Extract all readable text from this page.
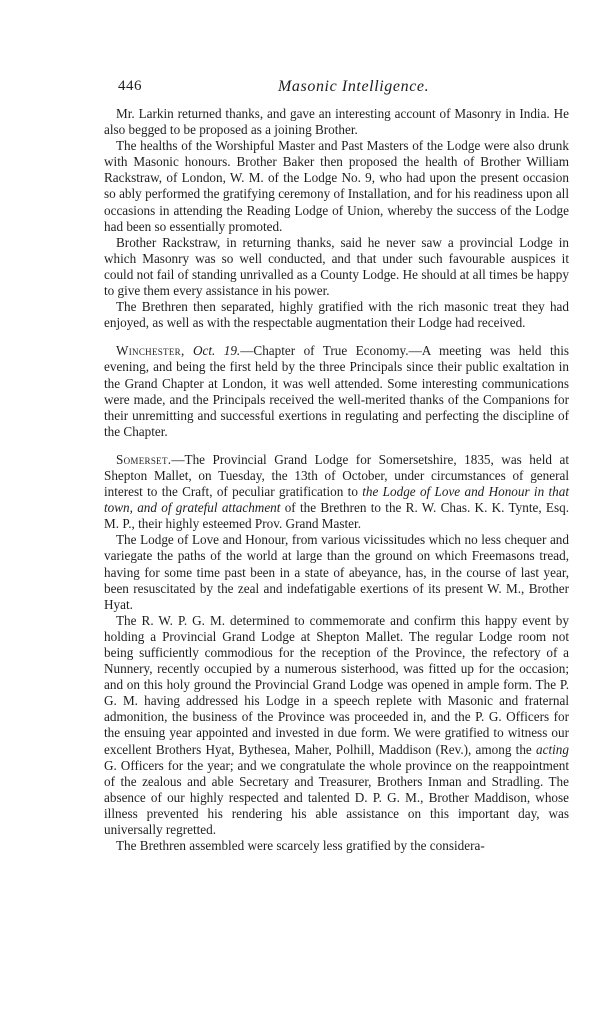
446	Masonic Intelligence.

Mr. Larkin returned thanks, and gave an interesting account of Masonry in India. He also begged to be proposed as a joining Brother.

The healths of the Worshipful Master and Past Masters of the Lodge were also drunk with Masonic honours. Brother Baker then proposed the health of Brother William Rackstraw, of London, W. M. of the Lodge No. 9, who had upon the present occasion so ably performed the gratifying ceremony of Installation, and for his readiness upon all occasions in attending the Reading Lodge of Union, whereby the success of the Lodge had been so essentially promoted.

Brother Rackstraw, in returning thanks, said he never saw a provincial Lodge in which Masonry was so well conducted, and that under such favourable auspices it could not fail of standing unrivalled as a County Lodge. He should at all times be happy to give them every assistance in his power.

The Brethren then separated, highly gratified with the rich masonic treat they had enjoyed, as well as with the respectable augmentation their Lodge had received.

Winchester, Oct. 19.—Chapter of True Economy.—A meeting was held this evening, and being the first held by the three Principals since their public exaltation in the Grand Chapter at London, it was well attended. Some interesting communications were made, and the Principals received the well-merited thanks of the Companions for their unremitting and successful exertions in regulating and perfecting the discipline of the Chapter.

Somerset.—The Provincial Grand Lodge for Somersetshire, 1835, was held at Shepton Mallet, on Tuesday, the 13th of October, under circumstances of general interest to the Craft, of peculiar gratification to the Lodge of Love and Honour in that town, and of grateful attachment of the Brethren to the R. W. Chas. K. K. Tynte, Esq. M. P., their highly esteemed Prov. Grand Master.

The Lodge of Love and Honour, from various vicissitudes which no less chequer and variegate the paths of the world at large than the ground on which Freemasons tread, having for some time past been in a state of abeyance, has, in the course of last year, been resuscitated by the zeal and indefatigable exertions of its present W. M., Brother Hyat.

The R. W. P. G. M. determined to commemorate and confirm this happy event by holding a Provincial Grand Lodge at Shepton Mallet. The regular Lodge room not being sufficiently commodious for the reception of the Province, the refectory of a Nunnery, recently occupied by a numerous sisterhood, was fitted up for the occasion; and on this holy ground the Provincial Grand Lodge was opened in ample form. The P. G. M. having addressed his Lodge in a speech replete with Masonic and fraternal admonition, the business of the Province was proceeded in, and the P. G. Officers for the ensuing year appointed and invested in due form. We were gratified to witness our excellent Brothers Hyat, Bythesea, Maher, Polhill, Maddison (Rev.), among the acting G. Officers for the year; and we congratulate the whole province on the reappointment of the zealous and able Secretary and Treasurer, Brothers Inman and Stradling. The absence of our highly respected and talented D. P. G. M., Brother Maddison, whose illness prevented his rendering his able assistance on this important day, was universally regretted.

The Brethren assembled were scarcely less gratified by the considera-
